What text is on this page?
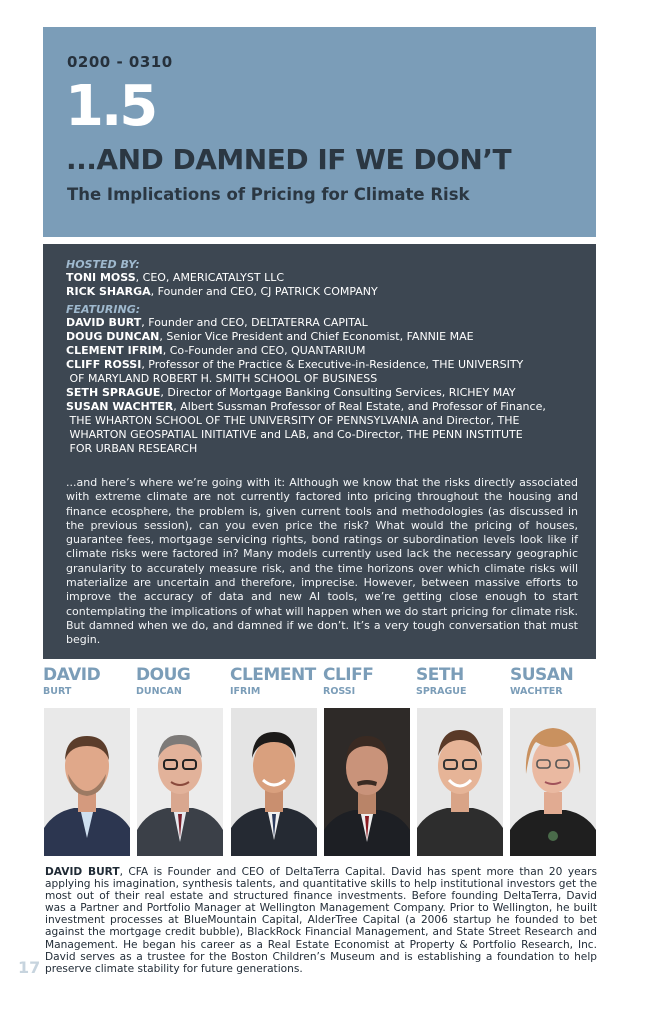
0200 - 0310
1.5
...AND DAMNED IF WE DON’T
The Implications of Pricing for Climate Risk
HOSTED BY:
TONI MOSS, CEO, AMERICATALYST LLC
RICK SHARGA, Founder and CEO, CJ PATRICK COMPANY
FEATURING:
DAVID BURT, Founder and CEO, DELTATERRA CAPITAL
DOUG DUNCAN, Senior Vice President and Chief Economist, FANNIE MAE
CLEMENT IFRIM, Co-Founder and CEO, QUANTARIUM
CLIFF ROSSI, Professor of the Practice & Executive-in-Residence, THE UNIVERSITY
OF MARYLAND ROBERT H. SMITH SCHOOL OF BUSINESS
SETH SPRAGUE, Director of Mortgage Banking Consulting Services, RICHEY MAY
SUSAN WACHTER, Albert Sussman Professor of Real Estate, and Professor of Finance,
THE WHARTON SCHOOL OF THE UNIVERSITY OF PENNSYLVANIA and Director, THE
WHARTON GEOSPATIAL INITIATIVE and LAB, and Co-Director, THE PENN INSTITUTE
FOR URBAN RESEARCH
...and here’s where we’re going with it: Although we know that the risks directly associated with extreme climate are not currently factored into pricing throughout the housing and finance ecosphere, the problem is, given current tools and methodologies (as discussed in the previous session), can you even price the risk? What would the pricing of houses, guarantee fees, mortgage servicing rights, bond ratings or subordination levels look like if climate risks were factored in? Many models currently used lack the necessary geographic granularity to accurately measure risk, and the time horizons over which climate risks will materialize are uncertain and therefore, imprecise. However, between massive efforts to improve the accuracy of data and new AI tools, we’re getting close enough to start contemplating the implications of what will happen when we do start pricing for climate risk. But damned when we do, and damned if we don’t. It’s a very tough conversation that must begin.
DAVID
BURT
DOUG
DUNCAN
CLEMENT
IFRIM
CLIFF
ROSSI
SETH
SPRAGUE
SUSAN
WACHTER
DAVID BURT, CFA is Founder and CEO of DeltaTerra Capital. David has spent more than 20 years applying his imagination, synthesis talents, and quantitative skills to help institutional investors get the most out of their real estate and structured finance investments. Before founding DeltaTerra, David was a Partner and Portfolio Manager at Wellington Management Company. Prior to Wellington, he built investment processes at BlueMountain Capital, AlderTree Capital (a 2006 startup he founded to bet against the mortgage credit bubble), BlackRock Financial Management, and State Street Research and Management. He began his career as a Real Estate Economist at Property & Portfolio Research, Inc. David serves as a trustee for the Boston Children’s Museum and is establishing a foundation to help preserve climate stability for future generations.
17
